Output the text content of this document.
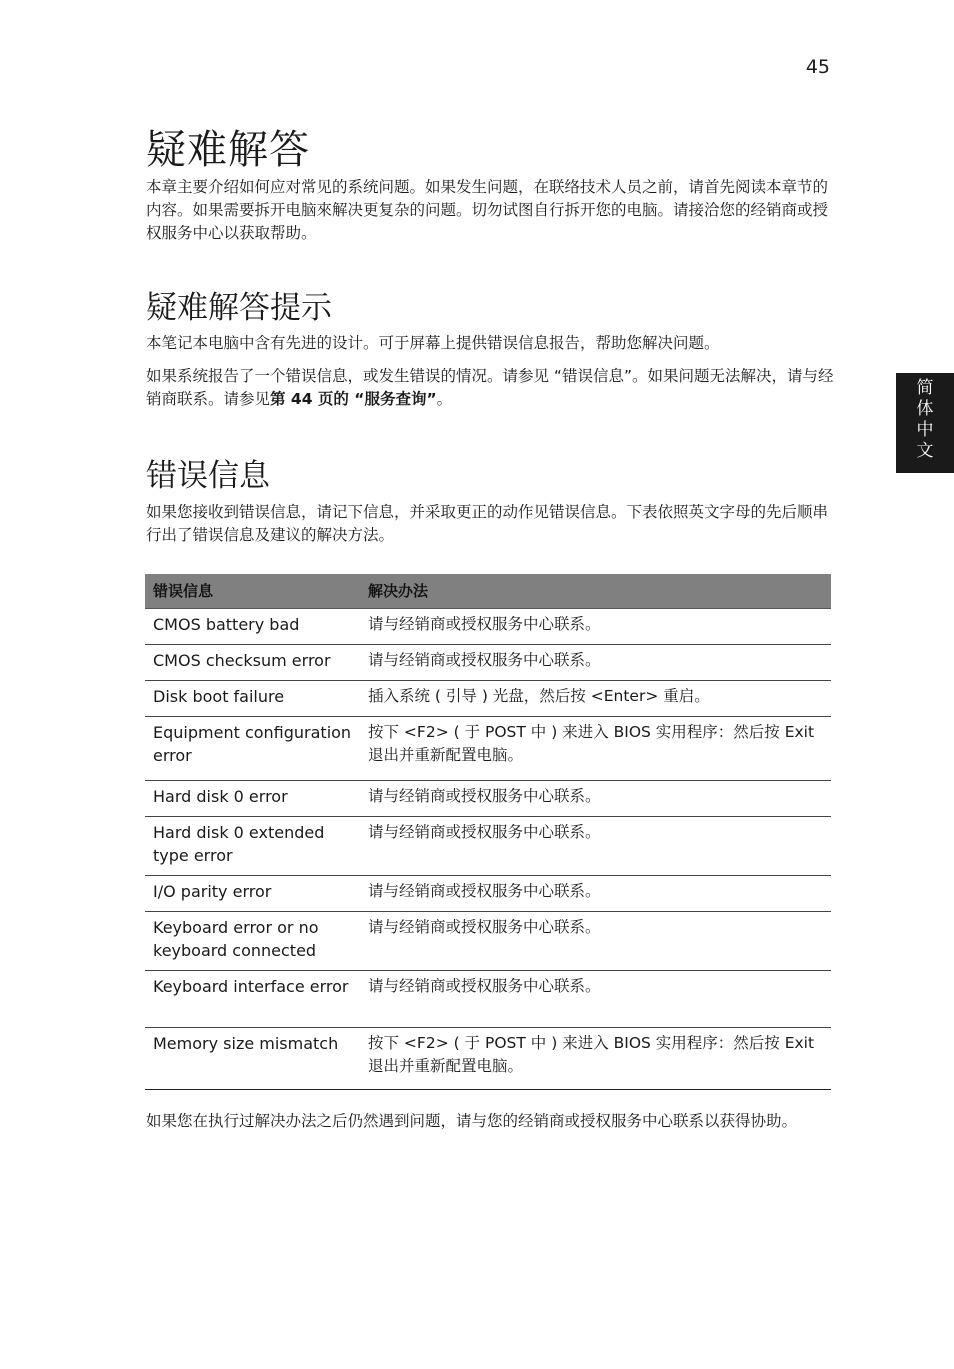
45
简
体
中
文
疑难解答

本章主要介绍如何应对常见的系统问题。如果发生问题，在联络技术人员之前，请首先阅读本章节的内容。如果需要拆开电脑來解决更复杂的问题。切勿试图自行拆开您的电脑。请接洽您的经销商或授权服务中心以获取帮助。

疑难解答提示

本笔记本电脑中含有先进的设计。可于屏幕上提供错误信息报告，帮助您解决问题。

如果系统报告了一个错误信息，或发生错误的情况。请参见 “错误信息”。如果问题无法解决，请与经销商联系。请参见第 44 页的 “服务查询”。

错误信息

如果您接收到错误信息，请记下信息，并采取更正的动作见错误信息。下表依照英文字母的先后顺串行出了错误信息及建议的解决方法。

错误信息	解决办法
CMOS battery bad	请与经销商或授权服务中心联系。
CMOS checksum error	请与经销商或授权服务中心联系。
Disk boot failure	插入系统 ( 引导 ) 光盘，然后按 <Enter> 重启。
Equipment configuration error	按下 <F2> ( 于 POST 中 ) 来进入 BIOS 实用程序：然后按 Exit 退出并重新配置电脑。
Hard disk 0 error	请与经销商或授权服务中心联系。
Hard disk 0 extended type error	请与经销商或授权服务中心联系。
I/O parity error	请与经销商或授权服务中心联系。
Keyboard error or no keyboard connected	请与经销商或授权服务中心联系。
Keyboard interface error	请与经销商或授权服务中心联系。
Memory size mismatch	按下 <F2> ( 于 POST 中 ) 来进入 BIOS 实用程序：然后按 Exit 退出并重新配置电脑。

如果您在执行过解决办法之后仍然遇到问题，请与您的经销商或授权服务中心联系以获得协助。
